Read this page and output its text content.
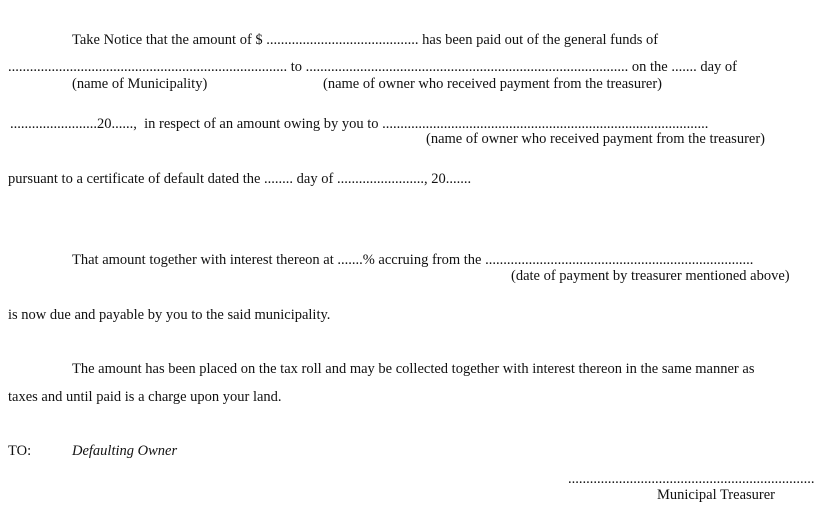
Take Notice that the amount of $ .......................................... has been paid out of the general funds of
............................................................................. to ......................................................................................... on the ....... day of
(name of Municipality)	(name of owner who received payment from the treasurer)
........................20......,  in respect of an amount owing by you to ..........................................................................................
(name of owner who received payment from the treasurer)
pursuant to a certificate of default dated the ........ day of ........................, 20.......
That amount together with interest thereon at .......% accruing from the ..........................................................................
(date of payment by treasurer mentioned above)
is now due and payable by you to the said municipality.
The amount has been placed on the tax roll and may be collected together with interest thereon in the same manner as
taxes and until paid is a charge upon your land.
TO:	Defaulting Owner
....................................................................
Municipal Treasurer
